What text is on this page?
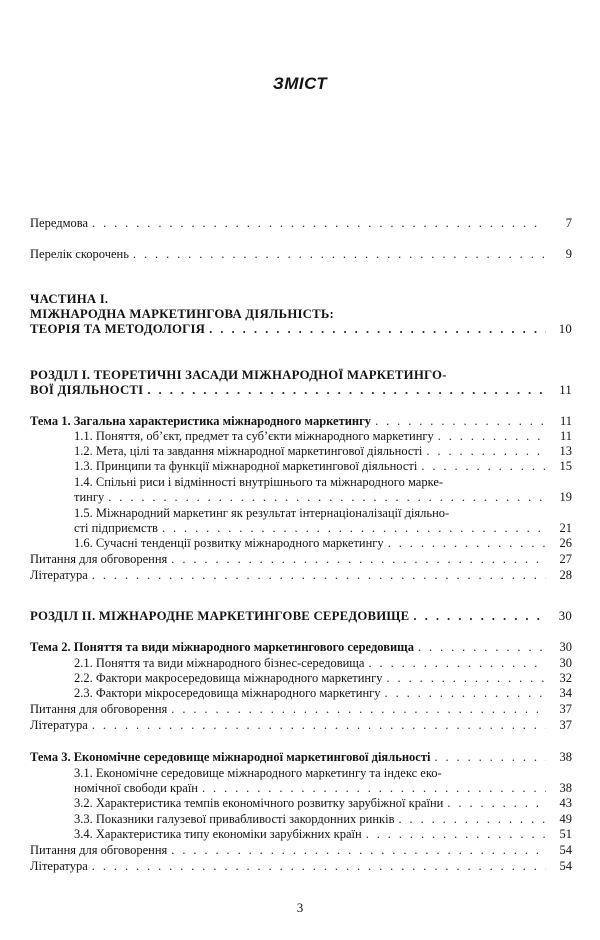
ЗМІСТ
Передмова . . .	7
Перелік скорочень . . .	9
ЧАСТИНА І.
МІЖНАРОДНА МАРКЕТИНГОВА ДІЯЛЬНІСТЬ:
ТЕОРІЯ ТА МЕТОДОЛОГІЯ . . .	10
РОЗДІЛ І. ТЕОРЕТИЧНІ ЗАСАДИ МІЖНАРОДНОЇ МАРКЕТИНГО-
ВОЇ ДІЯЛЬНОСТІ . . .	11
Тема 1. Загальна характеристика міжнародного маркетингу . . .	11
1.1. Поняття, об’єкт, предмет та суб’єкти міжнародного маркетингу . . .	11
1.2. Мета, цілі та завдання міжнародної маркетингової діяльності . . .	13
1.3. Принципи та функції міжнародної маркетингової діяльності . . .	15
1.4. Спільні риси і відмінності внутрішнього та міжнародного марке-
тингу . . .	19
1.5. Міжнародний маркетинг як результат інтернаціоналізації діяльно-
сті підприємств . . .	21
1.6. Сучасні тенденції розвитку міжнародного маркетингу . . .	26
Питання для обговорення . . .	27
Література . . .	28
РОЗДІЛ ІІ. МІЖНАРОДНЕ МАРКЕТИНГОВЕ СЕРЕДОВИЩЕ . . .	30
Тема 2. Поняття та види міжнародного маркетингового середовища . . .	30
2.1. Поняття та види міжнародного бізнес-середовища . . .	30
2.2. Фактори макросередовища міжнародного маркетингу . . .	32
2.3. Фактори мікросередовища міжнародного маркетингу . . .	34
Питання для обговорення . . .	37
Література . . .	37
Тема 3. Економічне середовище міжнародної маркетингової діяльності . . .	38
3.1. Економічне середовище міжнародного маркетингу та індекс еко-
номічної свободи країн . . .	38
3.2. Характеристика темпів економічного розвитку зарубіжної країни . . .	43
3.3. Показники галузевої привабливості закордонних ринків . . .	49
3.4. Характеристика типу економіки зарубіжних країн . . .	51
Питання для обговорення . . .	54
Література . . .	54
3
